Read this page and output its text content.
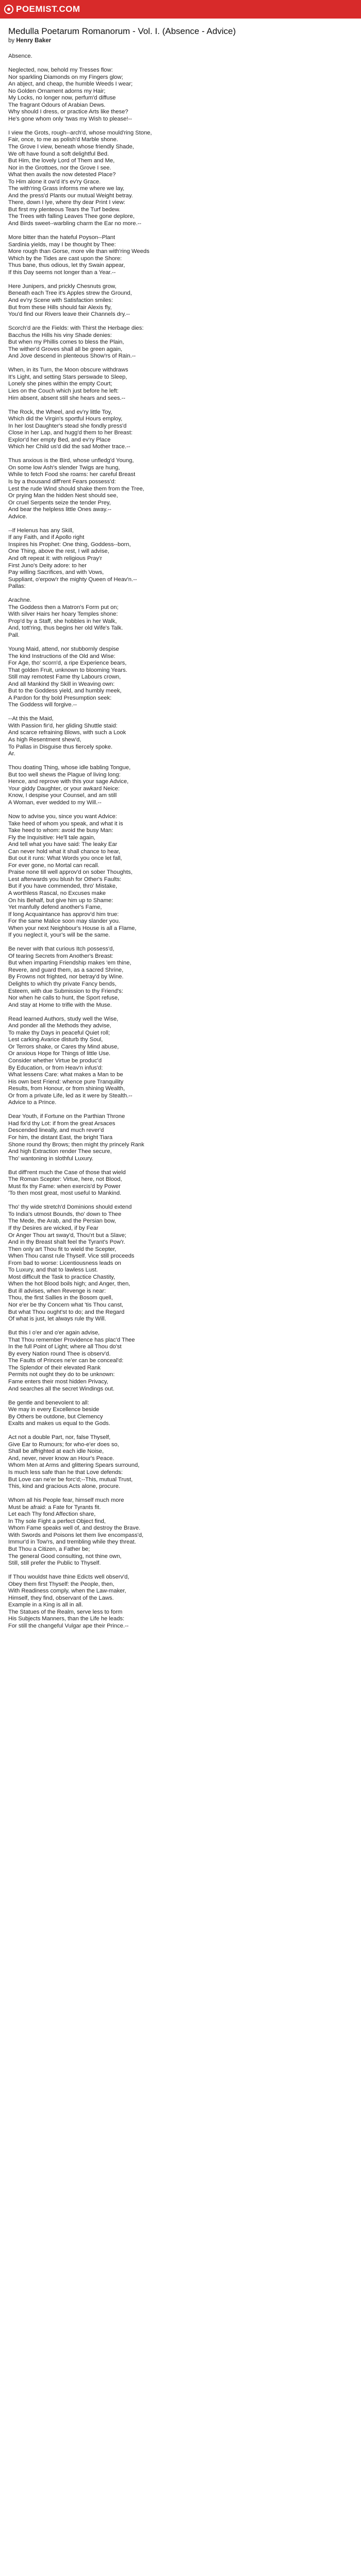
POEMIST.COM
Medulla Poetarum Romanorum - Vol. I. (Absence - Advice)
by Henry Baker
Absence.
Neglected, now, behold my Tresses flow:
Nor sparkling Diamonds on my Fingers glow;
An abject, and cheap, the humble Weeds I wear;
No Golden Ornament adorns my Hair;
My Locks, no longer now, perfum'd diffuse
The fragrant Odours of Arabian Dews.
Why should I dress, or practice Arts like these?
He's gone whom only 'twas my Wish to please!--
I view the Grots, rough--arch'd, whose mould'ring Stone,
Fair, once, to me as polish'd Marble shone.
The Grove I view, beneath whose friendly Shade,
We oft have found a soft delightful Bed.
But Him, the lovely Lord of Them and Me,
Nor in the Grottoes, nor the Grove I see.
What then avails the now detested Place?
To Him alone it ow'd it's ev'ry Grace.
The with'ring Grass informs me where we lay,
And the press'd Plants our mutual Weight betray.
There, down I lye, where thy dear Print I view:
But first my plenteous Tears the Turf bedew.
The Trees with falling Leaves Thee gone deplore,
And Birds sweet--warbling charm the Ear no more.--
More bitter than the hateful Poyson--Plant
Sardinia yields, may I be thought by Thee:
More rough than Gorse, more vile than with'ring Weeds
Which by the Tides are cast upon the Shore:
Thus bane, thus odious, let thy Swain appear,
If this Day seems not longer than a Year.--
Here Junipers, and prickly Chesnuts grow,
Beneath each Tree it's Apples strew the Ground,
And ev'ry Scene with Satisfaction smiles:
But from these Hills should fair Alexis fly,
You'd find our Rivers leave their Channels dry.--
Scorch'd are the Fields: with Thirst the Herbage dies:
Bacchus the Hills his viny Shade denies:
But when my Phillis comes to bless the Plain,
The wither'd Groves shall all be green again,
And Jove descend in plenteous Show'rs of Rain.--
When, in its Turn, the Moon obscure withdraws
It's Light, and setting Stars perswade to Sleep,
Lonely she pines within the empty Court;
Lies on the Couch which just before he left:
Him absent, absent still she hears and sees.--
The Rock, the Wheel, and ev'ry little Toy,
Which did the Virgin's sportful Hours employ,
In her lost Daughter's stead she fondly press'd
Close in her Lap, and hugg'd them to her Breast:
Explor'd her empty Bed, and ev'ry Place
Which her Child us'd did the sad Mother trace.--
Thus anxious is the Bird, whose unfledg'd Young,
On some low Ash's slender Twigs are hung,
While to fetch Food she roams: her careful Breast
Is by a thousand diff'rent Fears possess'd:
Lest the rude Wind should shake them from the Tree,
Or prying Man the hidden Nest should see,
Or cruel Serpents seize the tender Prey,
And bear the helpless little Ones away.--
Advice.
--If Helenus has any Skill,
If any Faith, and if Apollo right
Inspires his Prophet: One thing, Goddess--born,
One Thing, above the rest, I will advise,
And oft repeat it: with religious Pray'r
First Juno's Deity adore: to her
Pay willing Sacrifices, and with Vows,
Suppliant, o'erpow'r the mighty Queen of Heav'n.--
Pallas:
Arachne.
The Goddess then a Matron's Form put on;
With silver Hairs her hoary Temples shone:
Prop'd by a Staff, she hobbles in her Walk,
And, tott'ring, thus begins her old Wife's Talk.
Pall.
Young Maid, attend, nor stubbornly despise
The kind Instructions of the Old and Wise:
For Age, tho' scorn'd, a ripe Experience bears,
That golden Fruit, unknown to blooming Years.
Still may remotest Fame thy Labours crown,
And all Mankind thy Skill in Weaving own:
But to the Goddess yield, and humbly meek,
A Pardon for thy bold Presumption seek:
The Goddess will forgive.--
--At this the Maid,
With Passion fir'd, her gliding Shuttle staid:
And scarce refraining Blows, with such a Look
As high Resentment shew'd,
To Pallas in Disguise thus fiercely spoke.
Ar.
Thou doating Thing, whose idle babling Tongue,
But too well shews the Plague of living long:
Hence, and reprove with this your sage Advice,
Your giddy Daughter, or your awkard Neice:
Know, I despise your Counsel, and am still
A Woman, ever wedded to my Will.--
Now to advise you, since you want Advice:
Take heed of whom you speak, and what it is
Take heed to whom: avoid the busy Man:
Fly the Inquisitive: He'll tale again,
And tell what you have said: The leaky Ear
Can never hold what it shall chance to hear,
But out it runs: What Words you once let fall,
For ever gone, no Mortal can recall.
Praise none till well approv'd on sober Thoughts,
Lest afterwards you blush for Other's Faults:
But if you have commended, thro' Mistake,
A worthless Rascal, no Excuses make
On his Behalf, but give him up to Shame:
Yet manfully defend another's Fame,
If long Acquaintance has approv'd him true:
For the same Malice soon may slander you.
When your next Neighbour's House is all a Flame,
If you neglect it, your's will be the same.
Be never with that curious Itch possess'd,
Of tearing Secrets from Another's Breast:
But when imparting Friendship makes 'em thine,
Revere, and guard them, as a sacred Shrine,
By Frowns not frighted, nor betray'd by Wine.
Delights to which thy private Fancy bends,
Esteem, with due Submission to thy Friend's:
Nor when he calls to hunt, the Sport refuse,
And stay at Home to trifle with the Muse.
Read learned Authors, study well the Wise,
And ponder all the Methods they advise,
To make thy Days in peaceful Quiet roll;
Lest carking Avarice disturb thy Soul,
Or Terrors shake, or Cares thy Mind abuse,
Or anxious Hope for Things of little Use.
Consider whether Virtue be produc'd
By Education, or from Heav'n infus'd:
What lessens Care: what makes a Man to be
His own best Friend: whence pure Tranquility
Results, from Honour, or from shining Wealth,
Or from a private Life, led as it were by Stealth.--
Advice to a Prince.
Dear Youth, if Fortune on the Parthian Throne
Had fix'd thy Lot: if from the great Arsaces
Descended lineally, and much rever'd
For him, the distant East, the bright Tiara
Shone round thy Brows; then might thy princely Rank
And high Extraction render Thee secure,
Tho' wantoning in slothful Luxury.
But diff'rent much the Case of those that wield
The Roman Scepter: Virtue, here, not Blood,
Must fix thy Fame: when exercis'd by Power
'To then most great, most useful to Mankind.
Tho' thy wide stretch'd Dominions should extend
To India's utmost Bounds, tho' down to Thee
The Mede, the Arab, and the Persian bow,
If thy Desires are wicked, if by Fear
Or Anger Thou art sway'd, Thou'rt but a Slave;
And in thy Breast shalt feel the Tyrant's Pow'r.
Then only art Thou fit to wield the Scepter,
When Thou canst rule Thyself. Vice still proceeds
From bad to worse: Licentiousness leads on
To Luxury, and that to lawless Lust.
Most difficult the Task to practice Chastity,
When the hot Blood boils high; and Anger, then,
But ill advises, when Revenge is near:
Thou, the first Sallies in the Bosom quell,
Nor e'er be thy Concern what 'tis Thou canst,
But what Thou ought'st to do; and the Regard
Of what is just, let always rule thy Will.
But this I o'er and o'er again advise,
That Thou remember Providence has plac'd Thee
In the full Point of Light; where all Thou do'st
By every Nation round Thee is observ'd.
The Faults of Princes ne'er can be conceal'd:
The Splendor of their elevated Rank
Permits not ought they do to be unknown:
Fame enters their most hidden Privacy,
And searches all the secret Windings out.
Be gentle and benevolent to all:
We may in every Excellence beside
By Others be outdone, but Clemency
Exalts and makes us equal to the Gods.
Act not a double Part, nor, false Thyself,
Give Ear to Rumours; for who-e'er does so,
Shall be affrighted at each idle Noise,
And, never, never know an Hour's Peace.
Whom Men at Arms and glittering Spears surround,
Is much less safe than he that Love defends:
But Love can ne'er be forc'd;--This, mutual Trust,
This, kind and gracious Acts alone, procure.
Whom all his People fear, himself much more
Must be afraid: a Fate for Tyrants fit.
Let each Thy fond Affection share,
In Thy sole Fight a perfect Object find,
Whom Fame speaks well of, and destroy the Brave.
With Swords and Poisons let them live encompass'd,
Immur'd in Tow'rs, and trembling while they threat.
But Thou a Citizen, a Father be;
The general Good consulting, not thine own,
Still, still prefer the Public to Thyself.
If Thou wouldst have thine Edicts well observ'd,
Obey them first Thyself: the People, then,
With Readiness comply, when the Law-maker,
Himself, they find, observant of the Laws.
Example in a King is all in all.
The Statues of the Realm, serve less to form
His Subjects Manners, than the Life he leads:
For still the changeful Vulgar ape their Prince.--
